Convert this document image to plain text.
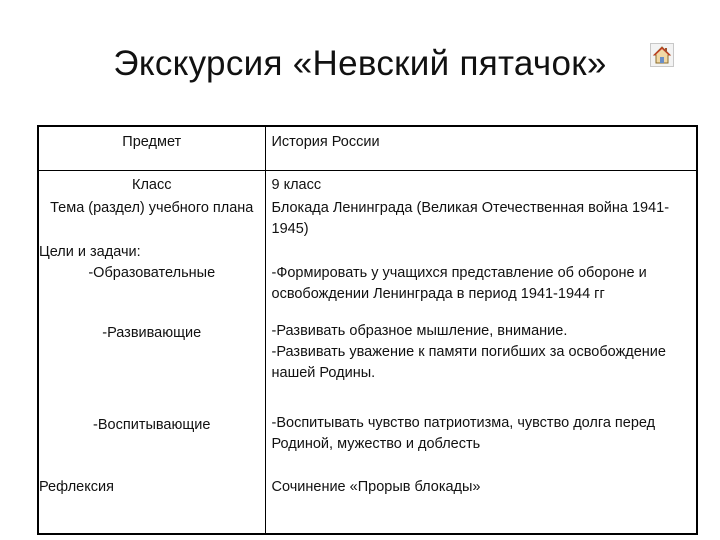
Экскурсия «Невский пятачок»
Предмет	История России
Класс	9 класс
Тема (раздел) учебного плана	Блокада Ленинграда (Великая Отечественная война 1941-1945)
Цели и задачи:	
-Образовательные	-Формировать у учащихся представление об обороне и освобождении Ленинграда в период 1941-1944 гг

-Развивающие	-Развивать образное мышление, внимание.
-Развивать уважение к памяти погибших за освобождение нашей Родины.

-Воспитывающие	-Воспитывать чувство патриотизма, чувство долга перед Родиной, мужество и доблесть
Рефлексия	Сочинение «Прорыв блокады»
